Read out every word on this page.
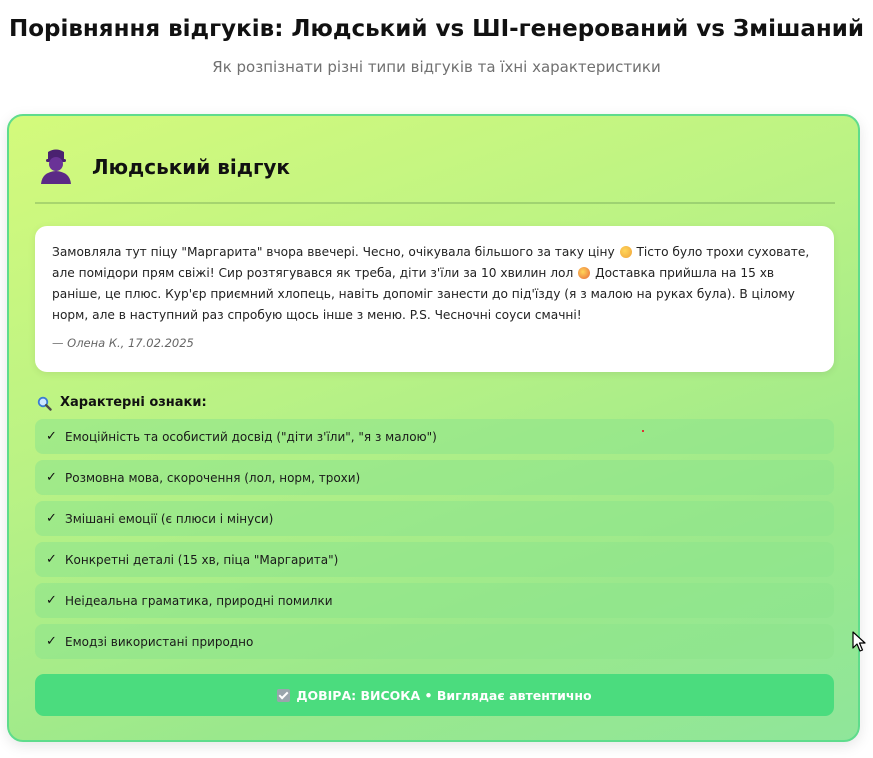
Порівняння відгуків: Людський vs ШІ-генерований vs Змішаний
Як розпізнати різні типи відгуків та їхні характеристики
Людський відгук
Замовляла тут піцу "Маргарита" вчора ввечері. Чесно, очікувала більшого за таку ціну  Тісто було трохи суховате, але помідори прям свіжі! Сир розтягувався як треба, діти з'їли за 10 хвилин лол  Доставка прийшла на 15 хв раніше, це плюс. Кур'єр приємний хлопець, навіть допоміг занести до під'їзду (я з малою на руках була). В цілому норм, але в наступний раз спробую щось інше з меню. P.S. Чесночні соуси смачні!
— Олена К., 17.02.2025
Характерні ознаки:
✓ Емоційність та особистий досвід ("діти з'їли", "я з малою")
✓ Розмовна мова, скорочення (лол, норм, трохи)
✓ Змішані емоції (є плюси і мінуси)
✓ Конкретні деталі (15 хв, піца "Маргарита")
✓ Неідеальна граматика, природні помилки
✓ Емодзі використані природно
ДОВІРА: ВИСОКА • Виглядає автентично
